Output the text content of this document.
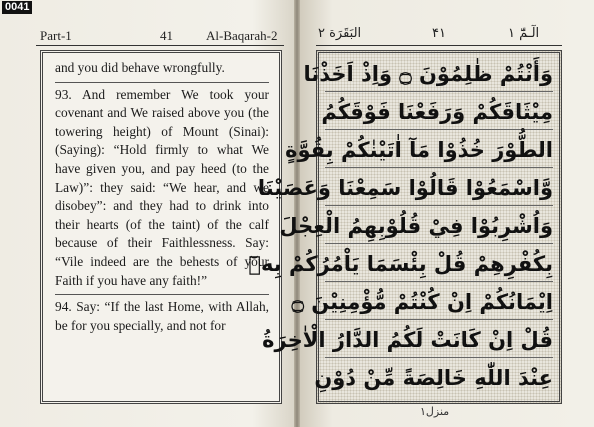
0041
Part-1	41	Al-Baqarah-2

and you did behave wrongfully.

93. And remember We took your covenant and We raised above you (the towering height) of Mount (Sinai): (Saying): “Hold firmly to what We have given you, and pay heed (to the Law)”: they said: “We hear, and we disobey”: and they had to drink into their hearts (of the taint) of the calf because of their Faithlessness. Say: “Vile indeed are the behests of your Faith if you have any faith!”

94. Say: “If the last Home, with Allah, be for you specially, and not for

الٓـمّٓ ۱
۴۱
البَقَرَة ۲
وَأَنْتُمْ ظٰلِمُوْنَ ۝ وَاِذْ اَخَذْنَا
مِيْثَاقَكُمْ وَرَفَعْنَا فَوْقَكُمُ
الطُّوْرَ خُذُوْا مَآ اٰتَيْنٰكُمْ بِقُوَّةٍ
وَّاسْمَعُوْا قَالُوْا سَمِعْنَا وَعَصَيْنَا
وَاُشْرِبُوْا فِيْ قُلُوْبِهِمُ الْعِجْلَ
بِكُفْرِهِمْ قُلْ بِئْسَمَا يَاْمُرُكُمْ بِهٖٓ
اِيْمَانُكُمْ اِنْ كُنْتُمْ مُّؤْمِنِيْنَ ۝
قُلْ اِنْ كَانَتْ لَكُمُ الدَّارُ الْاٰخِرَةُ
عِنْدَ اللّٰهِ خَالِصَةً مِّنْ دُوْنِ
منزل۱
